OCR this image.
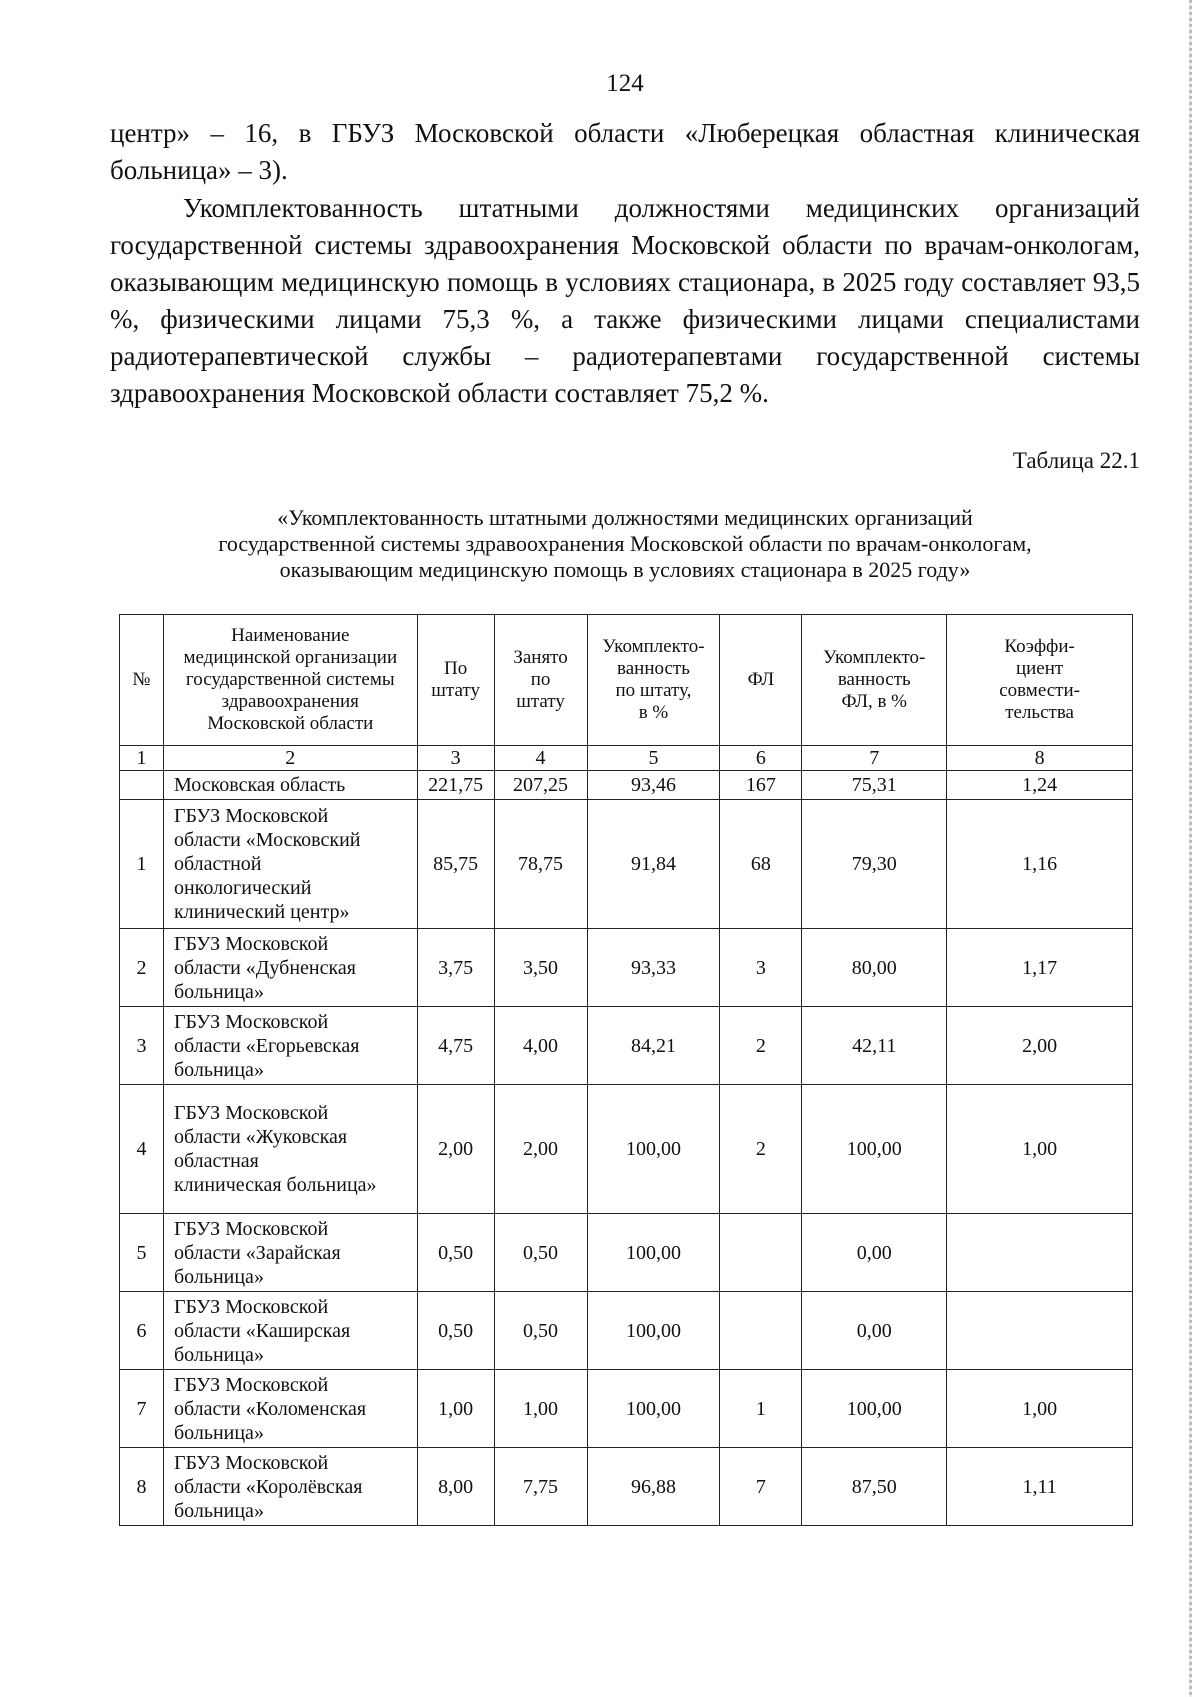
124
центр» – 16, в ГБУЗ Московской области «Люберецкая областная клиническая больница» – 3).
Укомплектованность штатными должностями медицинских организаций государственной системы здравоохранения Московской области по врачам-онкологам, оказывающим медицинскую помощь в условиях стационара, в 2025 году составляет 93,5 %, физическими лицами 75,3 %, а также физическими лицами специалистами радиотерапевтической службы – радиотерапевтами государственной системы здравоохранения Московской области составляет 75,2 %.
Таблица 22.1
«Укомплектованность штатными должностями медицинских организаций
государственной системы здравоохранения Московской области по врачам-онкологам,
оказывающим медицинскую помощь в условиях стационара в 2025 году»
№	Наименование
медицинской организации
государственной системы
здравоохранения
Московской области	По
штату	Занято
по
штату	Укомплекто-
ванность
по штату,
в %	ФЛ	Укомплекто-
ванность
ФЛ, в %	Коэффи-
циент
совмести-
тельства
1	2	3	4	5	6	7	8
	Московская область	221,75	207,25	93,46	167	75,31	1,24
1	ГБУЗ Московской
области «Московский
областной
онкологический
клинический центр»	85,75	78,75	91,84	68	79,30	1,16
2	ГБУЗ Московской
области «Дубненская
больница»	3,75	3,50	93,33	3	80,00	1,17
3	ГБУЗ Московской
области «Егорьевская
больница»	4,75	4,00	84,21	2	42,11	2,00
4	ГБУЗ Московской
области «Жуковская
областная
клиническая больница»	2,00	2,00	100,00	2	100,00	1,00
5	ГБУЗ Московской
области «Зарайская
больница»	0,50	0,50	100,00		0,00	
6	ГБУЗ Московской
области «Каширская
больница»	0,50	0,50	100,00		0,00	
7	ГБУЗ Московской
области «Коломенская
больница»	1,00	1,00	100,00	1	100,00	1,00
8	ГБУЗ Московской
области «Королёвская
больница»	8,00	7,75	96,88	7	87,50	1,11
